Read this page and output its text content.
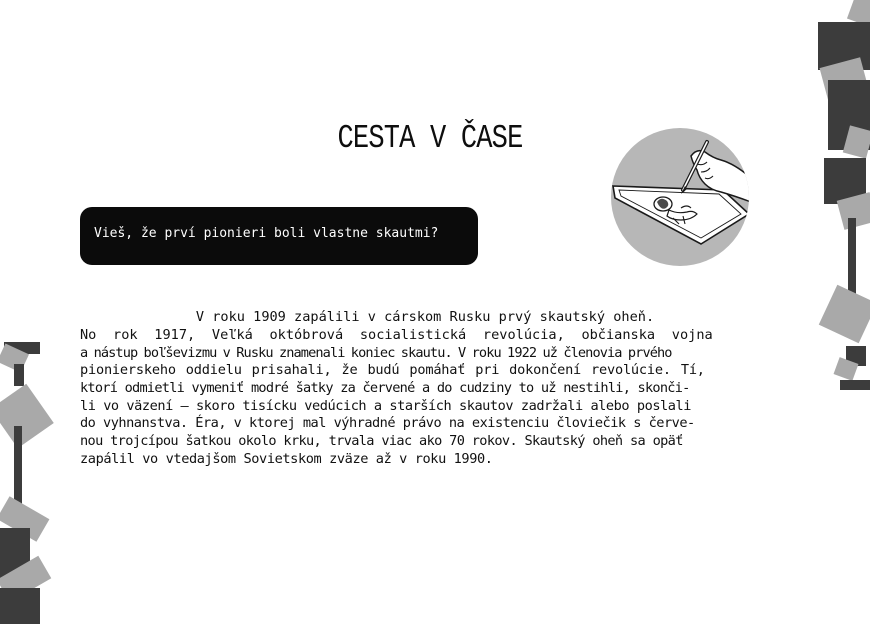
CESTA V ČASE
Vieš, že prví pionieri boli vlastne skautmi?
V roku 1909 zapálili v cárskom Rusku prvý skautský oheň.
No rok 1917, Veľká októbrová socialistická revolúcia, občianska vojna
a nástup boľševizmu v Rusku znamenali koniec skautu. V roku 1922 už členovia prvého
pionierskeho oddielu prisahali, že budú pomáhať pri dokončení revolúcie. Tí,
ktorí odmietli vymeniť modré šatky za červené a do cudziny to už nestihli, skonči-
li vo väzení – skoro tisícku vedúcich a starších skautov zadržali alebo poslali
do vyhnanstva. Éra, v ktorej mal výhradné právo na existenciu človiečik s červe-
nou trojcípou šatkou okolo krku, trvala viac ako 70 rokov. Skautský oheň sa opäť
zapálil vo vtedajšom Sovietskom zväze až v roku 1990.
